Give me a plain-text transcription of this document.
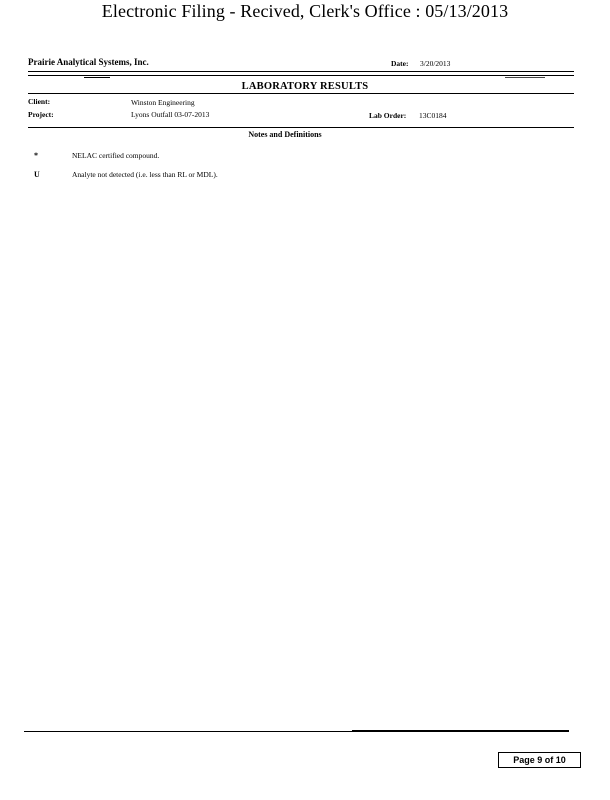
Electronic Filing - Recived, Clerk's Office : 05/13/2013
Prairie Analytical Systems, Inc.	Date: 3/20/2013
LABORATORY RESULTS
Client:	Winston Engineering
Project:	Lyons Outfall 03-07-2013	Lab Order: 13C0184
Notes and Definitions
*	NELAC certified compound.
U	Analyte not detected (i.e. less than RL or MDL).
Page 9 of 10
